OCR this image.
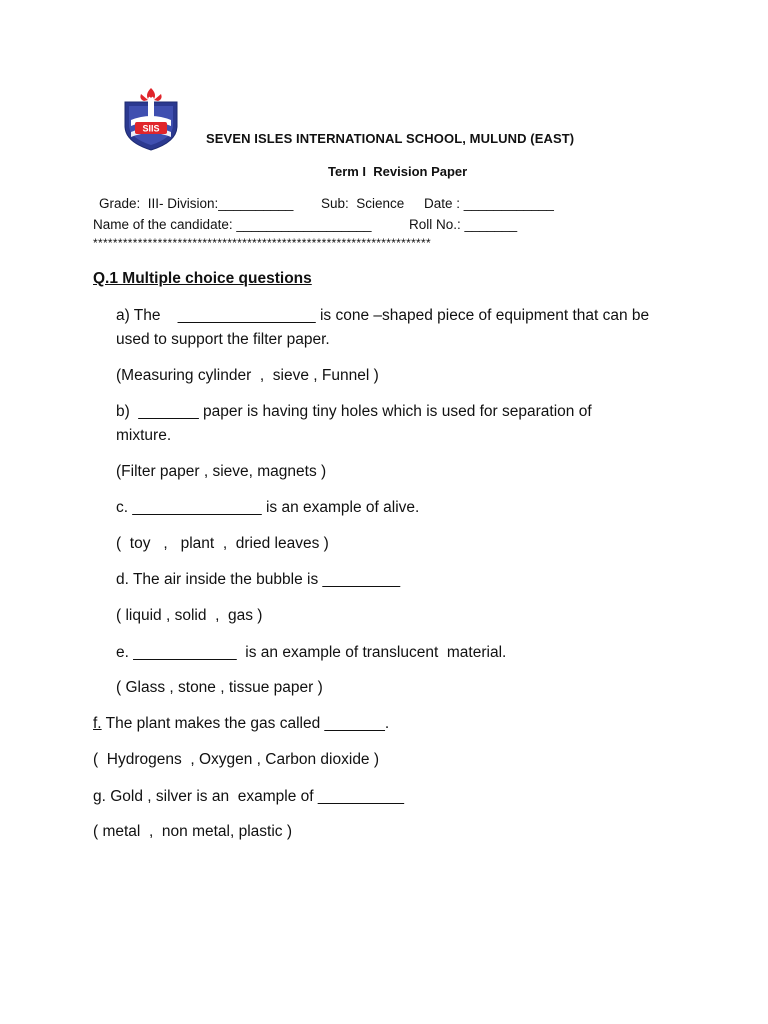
SIIS
SEVEN ISLES INTERNATIONAL SCHOOL, MULUND (EAST)
Term I  Revision Paper
Grade:  III- Division:__________ Sub:  Science Date : ____________
Name of the candidate: __________________	Roll No.: _______
********************************************************************
Q.1 Multiple choice questions
a) The    ________________ is cone –shaped piece of equipment that can be
used to support the filter paper.
(Measuring cylinder  ,  sieve , Funnel )
b)  _______ paper is having tiny holes which is used for separation of
mixture.
(Filter paper , sieve, magnets )
c. _______________ is an example of alive.
(  toy   ,   plant  ,  dried leaves )
d. The air inside the bubble is _________
( liquid , solid  ,  gas )
e. ____________  is an example of translucent  material.
( Glass , stone , tissue paper )
f. The plant makes the gas called _______.
(  Hydrogens  , Oxygen , Carbon dioxide )
g. Gold , silver is an  example of __________
( metal  ,  non metal, plastic )
